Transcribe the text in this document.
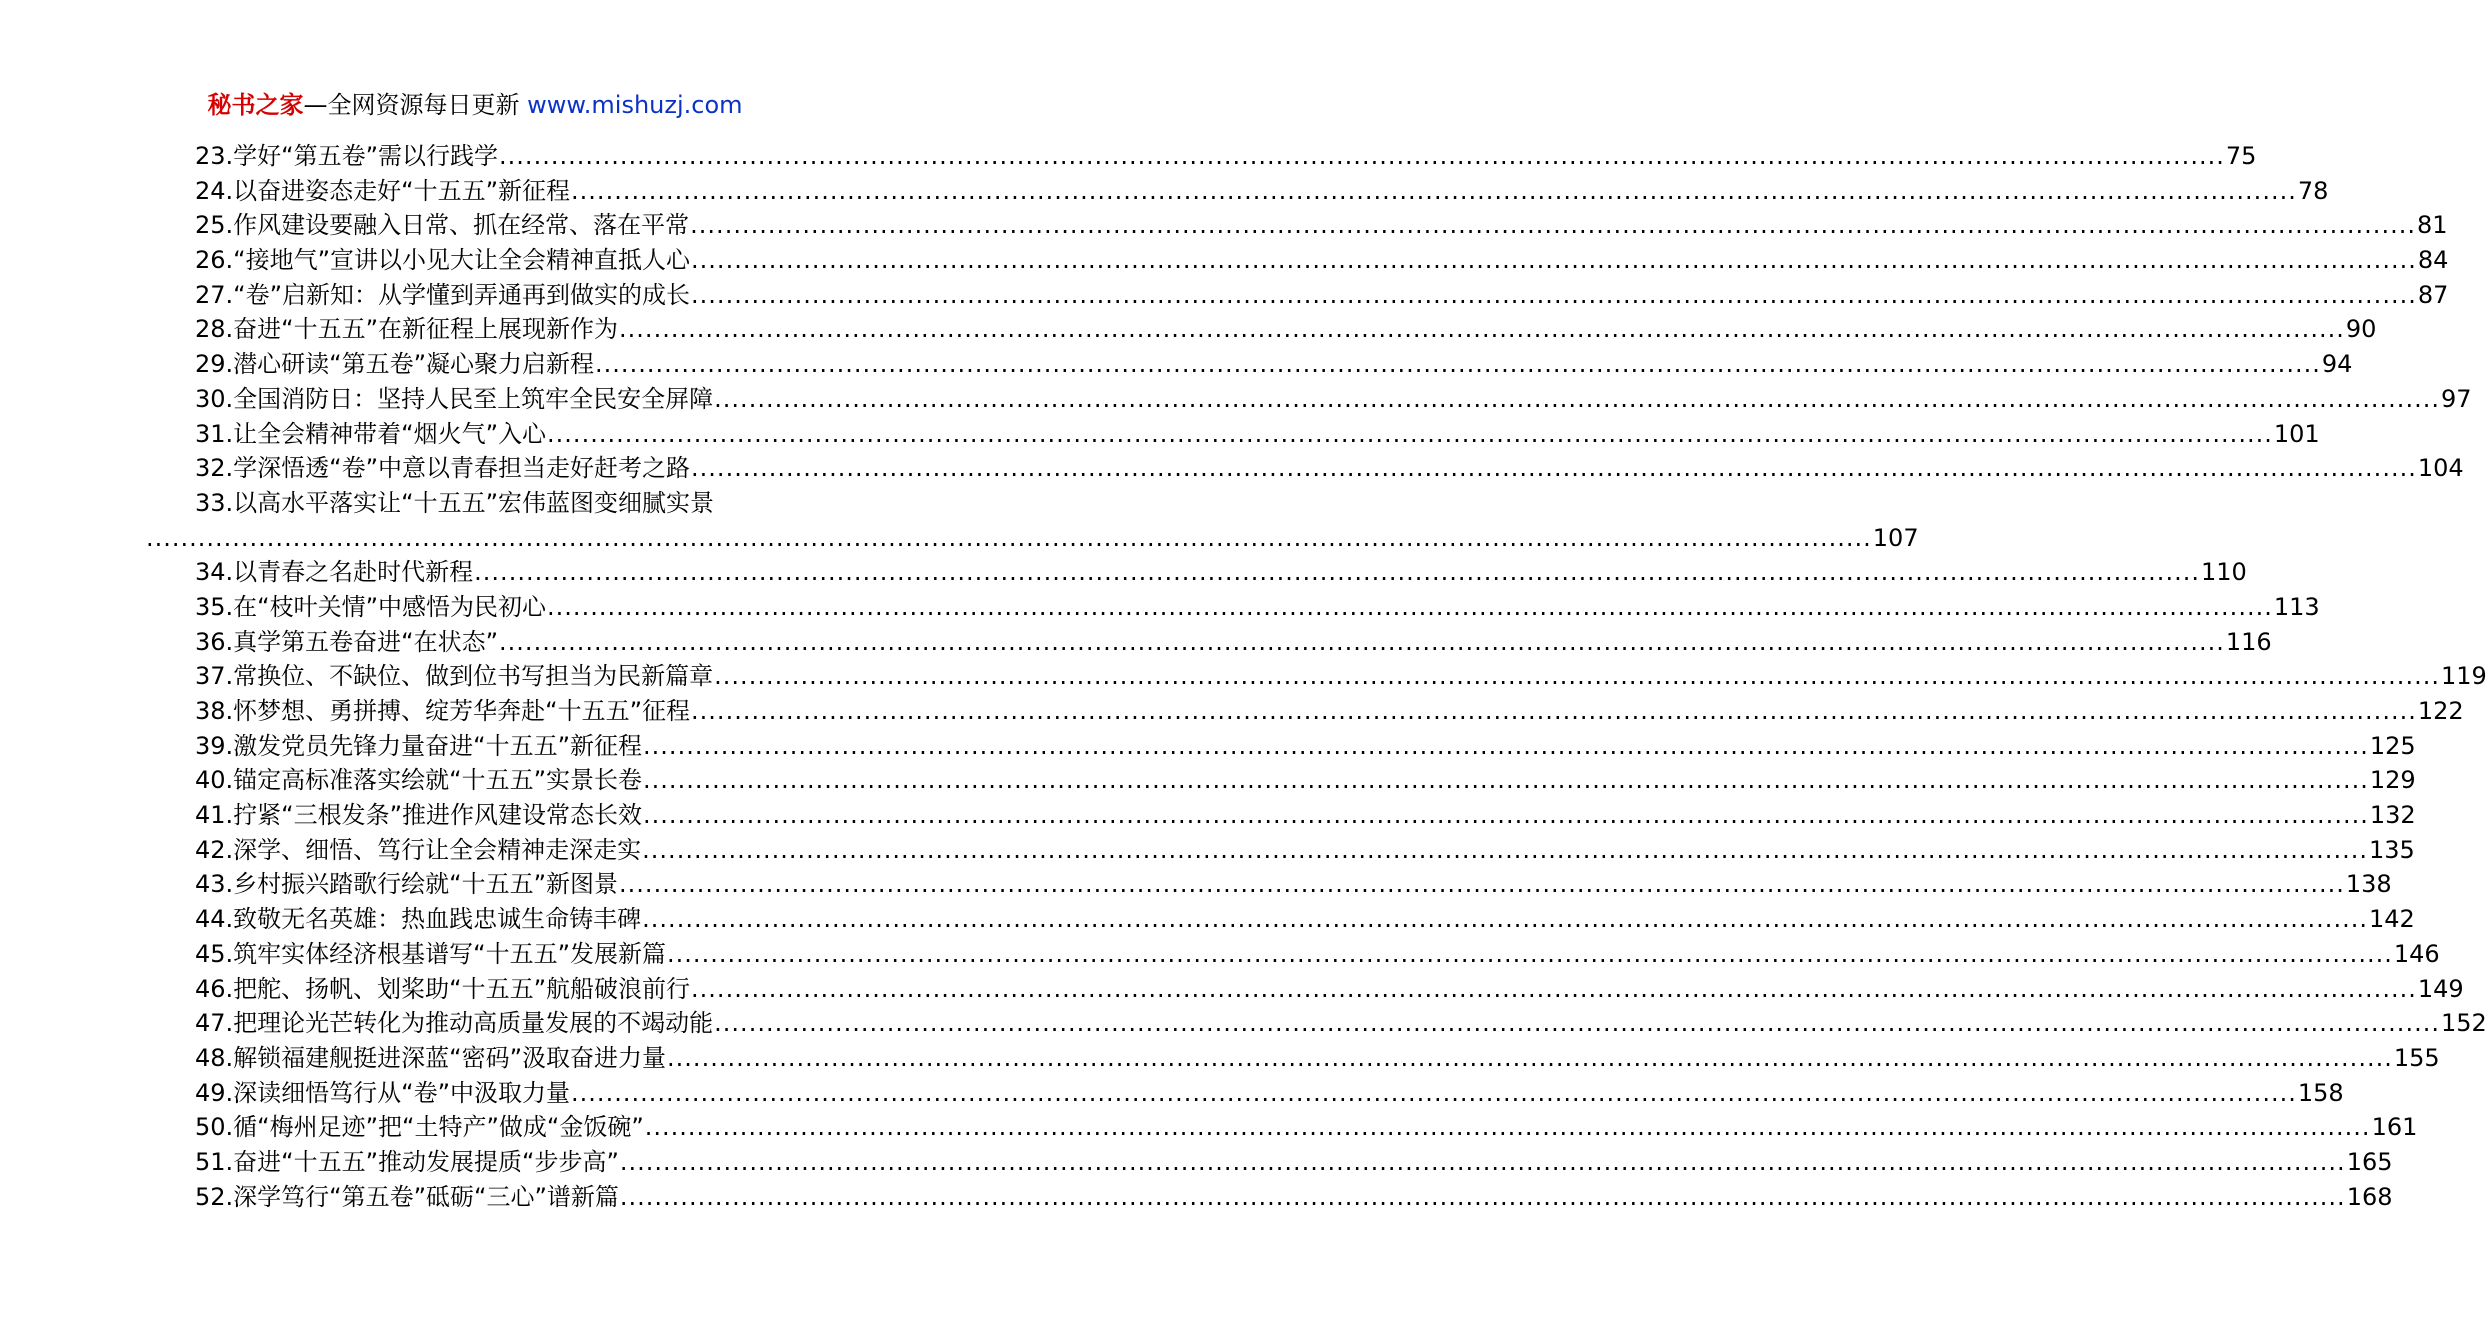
秘书之家—全网资源每日更新 www.mishuzj.com
23.学好“第五卷”需以行践学 ........................................................................................................................................................................................................ 75
24.以奋进姿态走好“十五五”新征程 ........................................................................................................................................................................................................ 78
25.作风建设要融入日常、抓在经常、落在平常 ........................................................................................................................................................................................................ 81
26.“接地气”宣讲以小见大让全会精神直抵人心 ........................................................................................................................................................................................................ 84
27.“卷”启新知：从学懂到弄通再到做实的成长 ........................................................................................................................................................................................................ 87
28.奋进“十五五”在新征程上展现新作为 ........................................................................................................................................................................................................ 90
29.潜心研读“第五卷”凝心聚力启新程 ........................................................................................................................................................................................................ 94
30.全国消防日：坚持人民至上筑牢全民安全屏障 ........................................................................................................................................................................................................ 97
31.让全会精神带着“烟火气”入心 ........................................................................................................................................................................................................ 101
32.学深悟透“卷”中意以青春担当走好赶考之路 ........................................................................................................................................................................................................ 104
33.以高水平落实让“十五五”宏伟蓝图变细腻实景
........................................................................................................................................................................................................ 107
34.以青春之名赴时代新程 ........................................................................................................................................................................................................ 110
35.在“枝叶关情”中感悟为民初心 ........................................................................................................................................................................................................ 113
36.真学第五卷奋进“在状态” ........................................................................................................................................................................................................ 116
37.常换位、不缺位、做到位书写担当为民新篇章 ........................................................................................................................................................................................................ 119
38.怀梦想、勇拼搏、绽芳华奔赴“十五五”征程 ........................................................................................................................................................................................................ 122
39.激发党员先锋力量奋进“十五五”新征程 ........................................................................................................................................................................................................ 125
40.锚定高标准落实绘就“十五五”实景长卷 ........................................................................................................................................................................................................ 129
41.拧紧“三根发条”推进作风建设常态长效 ........................................................................................................................................................................................................ 132
42.深学、细悟、笃行让全会精神走深走实 ........................................................................................................................................................................................................ 135
43.乡村振兴踏歌行绘就“十五五”新图景 ........................................................................................................................................................................................................ 138
44.致敬无名英雄：热血践忠诚生命铸丰碑 ........................................................................................................................................................................................................ 142
45.筑牢实体经济根基谱写“十五五”发展新篇 ........................................................................................................................................................................................................ 146
46.把舵、扬帆、划桨助“十五五”航船破浪前行 ........................................................................................................................................................................................................ 149
47.把理论光芒转化为推动高质量发展的不竭动能 ........................................................................................................................................................................................................ 152
48.解锁福建舰挺进深蓝“密码”汲取奋进力量 ........................................................................................................................................................................................................ 155
49.深读细悟笃行从“卷”中汲取力量 ........................................................................................................................................................................................................ 158
50.循“梅州足迹”把“土特产”做成“金饭碗” ........................................................................................................................................................................................................ 161
51.奋进“十五五”推动发展提质“步步高” ........................................................................................................................................................................................................ 165
52.深学笃行“第五卷”砥砺“三心”谱新篇 ........................................................................................................................................................................................................ 168
